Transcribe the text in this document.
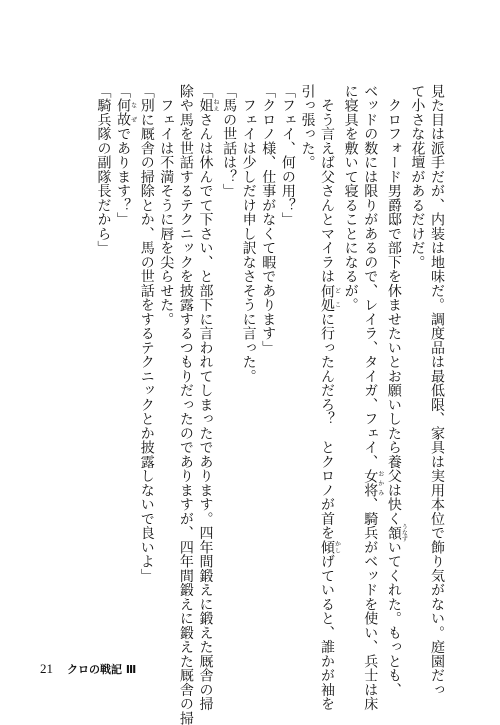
見た目は派手だが、内装は地味だ。調度品は最低限、家具は実用本位で飾り気がない。庭園だっ
て小さな花壇があるだけだ。
　クロフォード男爵邸で部下を休ませたいとお願いしたら養父は快く頷うなずいてくれた。もっとも、
ベッドの数には限りがあるので、レイラ、タイガ、フェイ、女将おかみ、騎兵がベッドを使い、兵士は床
に寝具を敷いて寝ることになるが。
　そう言えば父さんとマイラは何処どこに行ったんだろ？　とクロノが首を傾かしげていると、誰かが袖を
引っ張った。
「フェイ、何の用？」
「クロノ様、仕事がなくて暇であります」
　フェイは少しだけ申し訳なさそうに言った。
「馬の世話は？」
「姐ねえさんは休んでて下さい、と部下に言われてしまったであります。四年間鍛えに鍛えた厩舎の掃
除や馬を世話するテクニックを披露するつもりだったのでありますが、四年間鍛えに鍛えた厩舎の掃
　フェイは不満そうに唇を尖らせた。
「別に厩舎の掃除とか、馬の世話をするテクニックとか披露しないで良いよ」
「何故なぜであります？」
「騎兵隊の副隊長だから」
21 クロの戦記 Ⅲ
